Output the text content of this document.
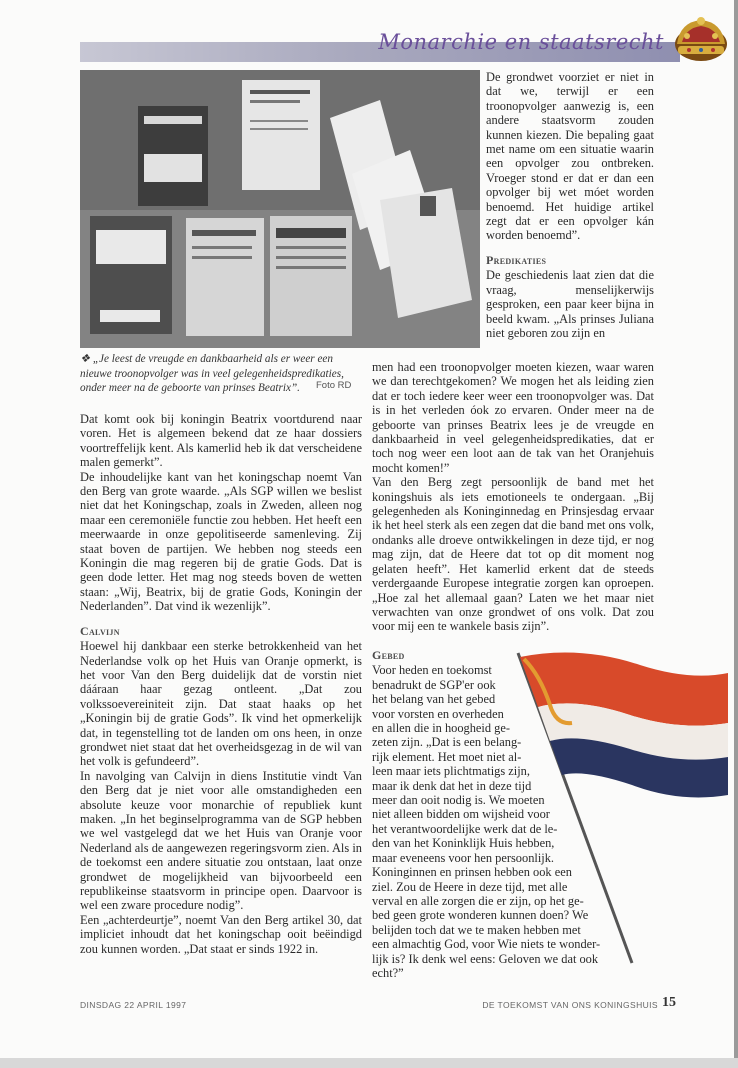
Monarchie en staatsrecht
❖ „Je leest de vreugde en dankbaarheid als er weer een nieuwe troonopvolger was in veel gelegenheidspredikaties, onder meer na de geboorte van prinses Beatrix”.	Foto RD

De grondwet voorziet er niet in dat we, terwijl er een troonopvolger aanwezig is, een andere staatsvorm zouden kunnen kiezen. Die bepaling gaat met name om een situatie waarin een opvolger zou ontbreken. Vroeger stond er dat er dan een opvolger bij wet móet worden benoemd. Het huidige artikel zegt dat er een opvolger kán worden benoemd”.

Predikaties

De geschiedenis laat zien dat die vraag, menselijkerwijs gesproken, een paar keer bijna in beeld kwam. „Als prinses Juliana niet geboren zou zijn en

men had een troonopvolger moeten kiezen, waar waren we dan terechtgekomen? We mogen het als leiding zien dat er toch iedere keer weer een troonopvolger was. Dat is in het verleden óok zo ervaren. Onder meer na de geboorte van prinses Beatrix lees je de vreugde en dankbaarheid in veel gelegenheidspredikaties, dat er toch nog weer een loot aan de tak van het Oranjehuis mocht komen!”

Van den Berg zegt persoonlijk de band met het koningshuis als iets emotioneels te ondergaan. „Bij gelegenheden als Koninginnedag en Prinsjesdag ervaar ik het heel sterk als een zegen dat die band met ons volk, ondanks alle droeve ontwikkelingen in deze tijd, er nog mag zijn, dat de Heere dat tot op dit moment nog gelaten heeft”. Het kamerlid erkent dat de steeds verdergaande Europese integratie zorgen kan oproepen. „Hoe zal het allemaal gaan? Laten we het maar niet verwachten van onze grondwet of ons volk. Dat zou voor mij een te wankele basis zijn”.

Dat komt ook bij koningin Beatrix voortdurend naar voren. Het is algemeen bekend dat ze haar dossiers voortreffelijk kent. Als kamerlid heb ik dat verscheidene malen gemerkt”.

De inhoudelijke kant van het koningschap noemt Van den Berg van grote waarde. „Als SGP willen we beslist niet dat het Koningschap, zoals in Zweden, alleen nog maar een ceremoniële functie zou hebben. Het heeft een meerwaarde in onze gepolitiseerde samenleving. Zij staat boven de partijen. We hebben nog steeds een Koningin die mag regeren bij de gratie Gods. Dat is geen dode letter. Het mag nog steeds boven de wetten staan: „Wij, Beatrix, bij de gratie Gods, Koningin der Nederlanden”. Dat vind ik wezenlijk”.

Calvijn

Hoewel hij dankbaar een sterke betrokkenheid van het Nederlandse volk op het Huis van Oranje opmerkt, is het voor Van den Berg duidelijk dat de vorstin niet dááraan haar gezag ontleent. „Dat zou volkssoevereiniteit zijn. Dat staat haaks op het „Koningin bij de gratie Gods”. Ik vind het opmerkelijk dat, in tegenstelling tot de landen om ons heen, in onze grondwet niet staat dat het overheidsgezag in de wil van het volk is gefundeerd”.

In navolging van Calvijn in diens Institutie vindt Van den Berg dat je niet voor alle omstandigheden een absolute keuze voor monarchie of republiek kunt maken. „In het beginselprogramma van de SGP hebben we wel vastgelegd dat we het Huis van Oranje voor Nederland als de aangewezen regeringsvorm zien. Als in de toekomst een andere situatie zou ontstaan, laat onze grondwet de mogelijkheid van bijvoorbeeld een republikeinse staatsvorm in principe open. Daarvoor is wel een zware procedure nodig”.

Een „achterdeurtje”, noemt Van den Berg artikel 30, dat impliciet inhoudt dat het koningschap ooit beëindigd zou kunnen worden. „Dat staat er sinds 1922 in.

Gebed
Voor heden en toekomst
benadrukt de SGP'er ook
het belang van het gebed
voor vorsten en overheden
en allen die in hoogheid ge-
zeten zijn. „Dat is een belang-
rijk element. Het moet niet al-
leen maar iets plichtmatigs zijn,
maar ik denk dat het in deze tijd
meer dan ooit nodig is. We moeten
niet alleen bidden om wijsheid voor
het verantwoordelijke werk dat de le-
den van het Koninklijk Huis hebben,
maar eveneens voor hen persoonlijk.
Koninginnen en prinsen hebben ook een
ziel. Zou de Heere in deze tijd, met alle
verval en alle zorgen die er zijn, op het ge-
bed geen grote wonderen kunnen doen? We
belijden toch dat we te maken hebben met
een almachtig God, voor Wie niets te wonder-
lijk is? Ik denk wel eens: Geloven we dat ook
echt?”
DINSDAG 22 APRIL 1997	DE TOEKOMST VAN ONS KONINGSHUIS 15
